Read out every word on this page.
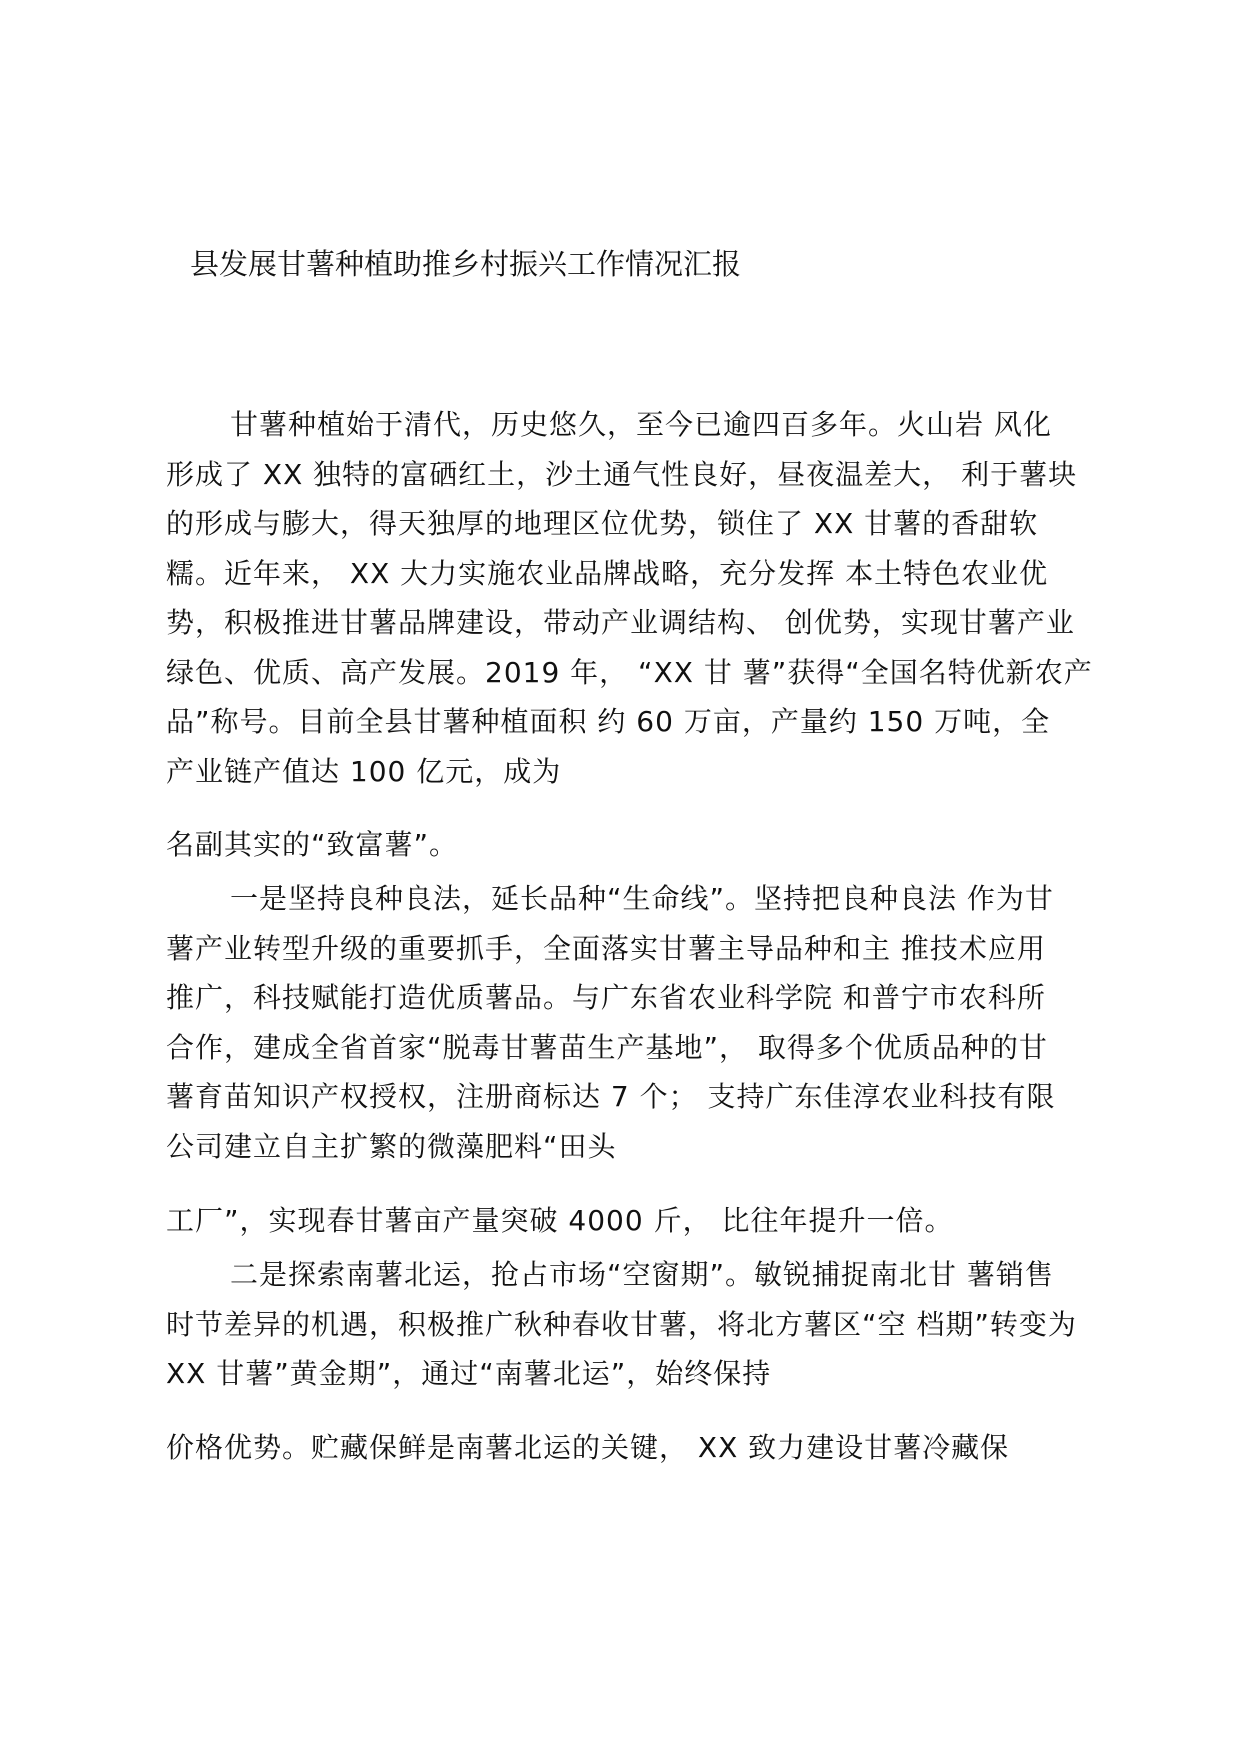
县发展甘薯种植助推乡村振兴工作情况汇报
甘薯种植始于清代，历史悠久，至今已逾四百多年。火山岩 风化
形成了 XX 独特的富硒红土，沙土通气性良好，昼夜温差大， 利于薯块
的形成与膨大，得天独厚的地理区位优势，锁住了 XX 甘薯的香甜软
糯。近年来， XX 大力实施农业品牌战略，充分发挥 本土特色农业优
势，积极推进甘薯品牌建设，带动产业调结构、 创优势，实现甘薯产业
绿色、优质、高产发展。2019 年， “XX 甘 薯”获得“全国名特优新农产
品”称号。目前全县甘薯种植面积 约 60 万亩，产量约 150 万吨，全
产业链产值达 100 亿元，成为
名副其实的“致富薯”。
一是坚持良种良法，延长品种“生命线”。坚持把良种良法 作为甘
薯产业转型升级的重要抓手，全面落实甘薯主导品种和主 推技术应用
推广，科技赋能打造优质薯品。与广东省农业科学院 和普宁市农科所
合作，建成全省首家“脱毒甘薯苗生产基地”， 取得多个优质品种的甘
薯育苗知识产权授权，注册商标达 7 个； 支持广东佳淳农业科技有限
公司建立自主扩繁的微藻肥料“田头
工厂”，实现春甘薯亩产量突破 4000 斤， 比往年提升一倍。
二是探索南薯北运，抢占市场“空窗期”。敏锐捕捉南北甘 薯销售
时节差异的机遇，积极推广秋种春收甘薯，将北方薯区“空 档期”转变为
XX 甘薯”黄金期”，通过“南薯北运”，始终保持
价格优势。贮藏保鲜是南薯北运的关键， XX 致力建设甘薯冷藏保
